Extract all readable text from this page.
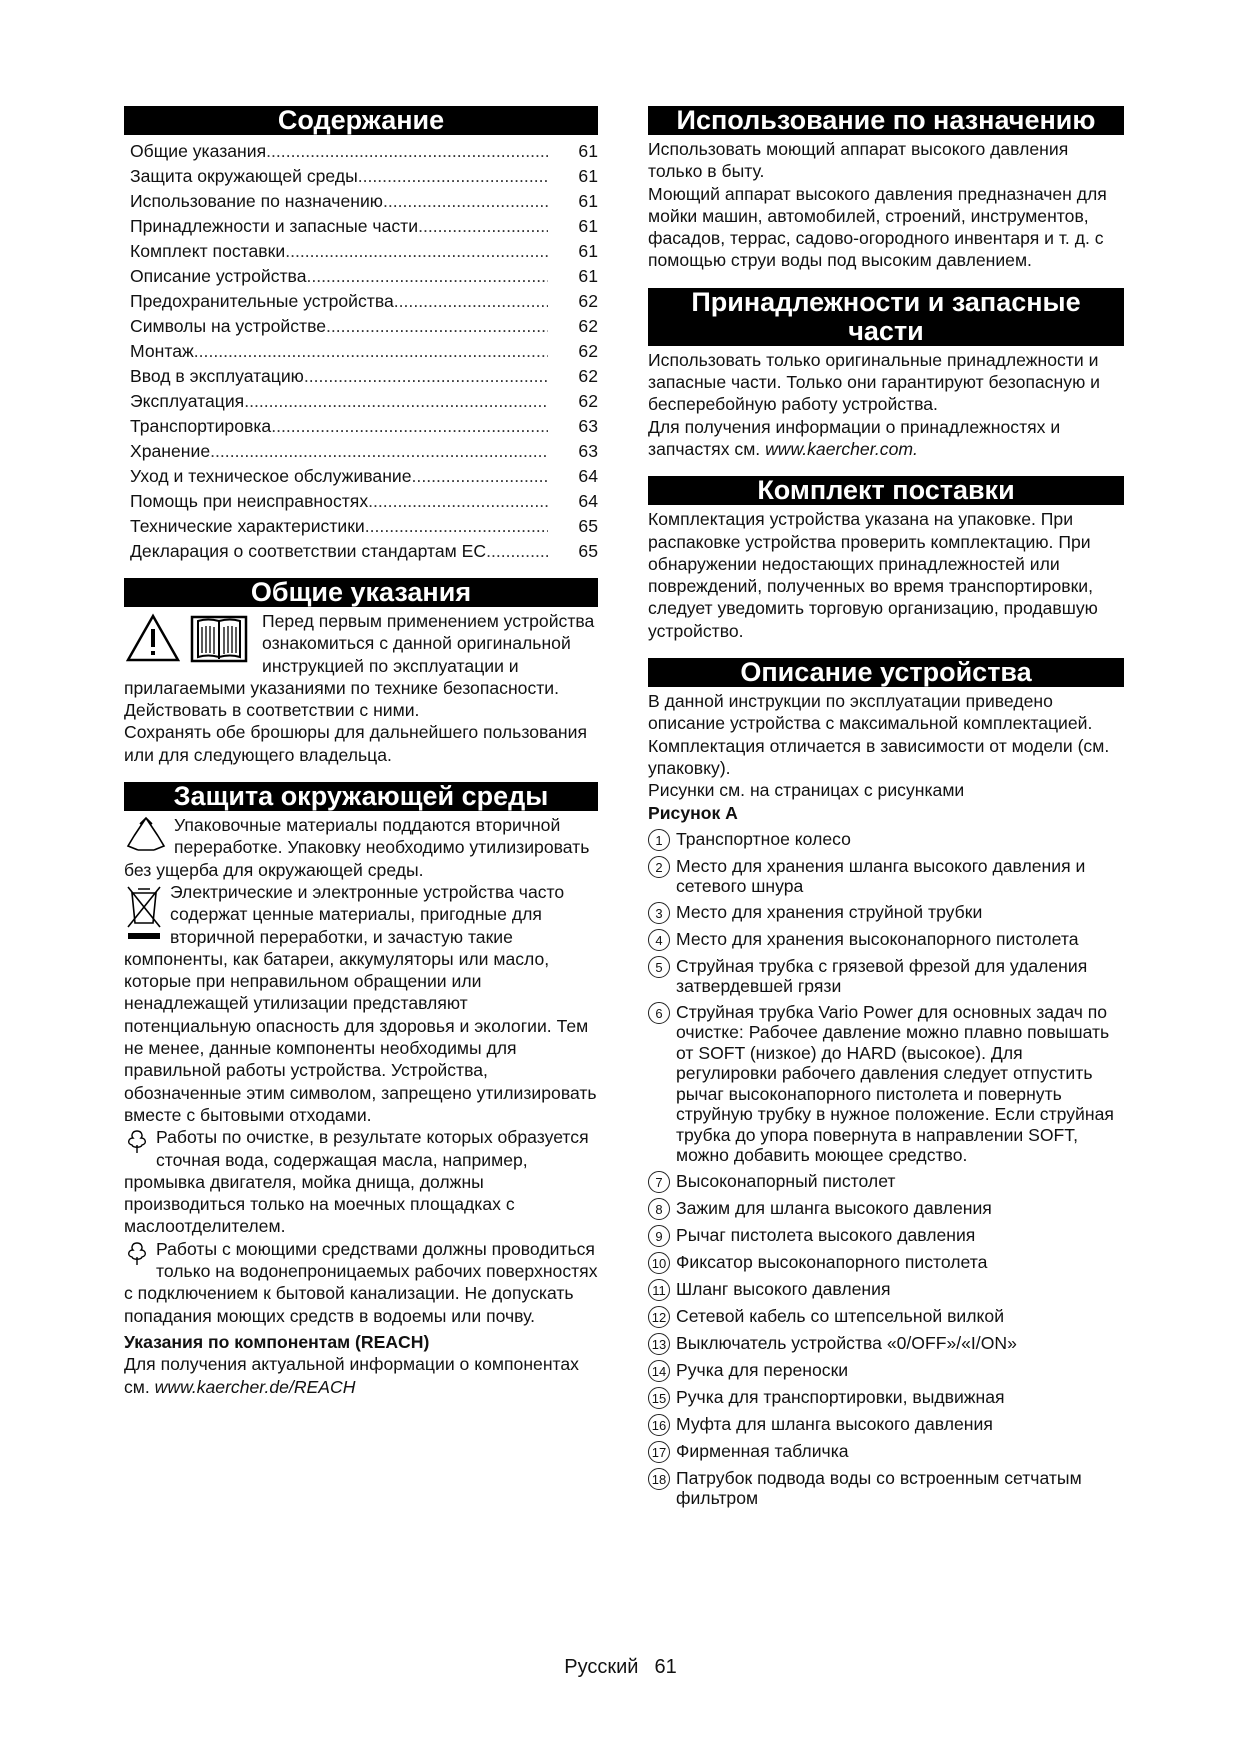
Содержание
Общие указания .....	61
Защита окружающей среды .....	61
Использование по назначению .....	61
Принадлежности и запасные части .....	61
Комплект поставки .....	61
Описание устройства .....	61
Предохранительные устройства .....	62
Символы на устройстве .....	62
Монтаж .....	62
Ввод в эксплуатацию .....	62
Эксплуатация .....	62
Транспортировка .....	63
Хранение .....	63
Уход и техническое обслуживание .....	64
Помощь при неисправностях .....	64
Технические характеристики .....	65
Декларация о соответствии стандартам ЕС .....	65
Общие указания

Перед первым применением устройства ознакомиться с данной оригинальной инструкцией по эксплуатации и прилагаемыми указаниями по технике безопасности. Действовать в соответствии с ними.

Сохранять обе брошюры для дальнейшего пользования или для следующего владельца.

Защита окружающей среды

Упаковочные материалы поддаются вторичной переработке. Упаковку необходимо утилизировать без ущерба для окружающей среды.

Электрические и электронные устройства часто содержат ценные материалы, пригодные для вторичной переработки, и зачастую такие компоненты, как батареи, аккумуляторы или масло, которые при неправильном обращении или ненадлежащей утилизации представляют потенциальную опасность для здоровья и экологии. Тем не менее, данные компоненты необходимы для правильной работы устройства. Устройства, обозначенные этим символом, запрещено утилизировать вместе с бытовыми отходами.

Работы по очистке, в результате которых образуется сточная вода, содержащая масла, например, промывка двигателя, мойка днища, должны производиться только на моечных площадках с маслоотделителем.

Работы с моющими средствами должны проводиться только на водонепроницаемых рабочих поверхностях с подключением к бытовой канализации. Не допускать попадания моющих средств в водоемы или почву.

Указания по компонентам (REACH)

Для получения актуальной информации о компонентах см. www.kaercher.de/REACH

Использование по назначению

Использовать моющий аппарат высокого давления только в быту.

Моющий аппарат высокого давления предназначен для мойки машин, автомобилей, строений, инструментов, фасадов, террас, садово-огородного инвентаря и т. д. с помощью струи воды под высоким давлением.

Принадлежности и запасные
части

Использовать только оригинальные принадлежности и запасные части. Только они гарантируют безопасную и бесперебойную работу устройства.

Для получения информации о принадлежностях и запчастях см. www.kaercher.com.

Комплект поставки

Комплектация устройства указана на упаковке. При распаковке устройства проверить комплектацию. При обнаружении недостающих принадлежностей или повреждений, полученных во время транспортировки, следует уведомить торговую организацию, продавшую устройство.

Описание устройства

В данной инструкции по эксплуатации приведено описание устройства с максимальной комплектацией. Комплектация отличается в зависимости от модели (см. упаковку).

Рисунки см. на страницах с рисунками

Рисунок A

1 Транспортное колесо
2 Место для хранения шланга высокого давления и сетевого шнура
3 Место для хранения струйной трубки
4 Место для хранения высоконапорного пистолета
5 Струйная трубка с грязевой фрезой для удаления затвердевшей грязи
6 Струйная трубка Vario Power для основных задач по очистке: Рабочее давление можно плавно повышать от SOFT (низкое) до HARD (высокое). Для регулировки рабочего давления следует отпустить рычаг высоконапорного пистолета и повернуть струйную трубку в нужное положение. Если струйная трубка до упора повернута в направлении SOFT, можно добавить моющее средство.
7 Высоконапорный пистолет
8 Зажим для шланга высокого давления
9 Рычаг пистолета высокого давления
10 Фиксатор высоконапорного пистолета
11 Шланг высокого давления
12 Сетевой кабель со штепсельной вилкой
13 Выключатель устройства «0/OFF»/«I/ON»
14 Ручка для переноски
15 Ручка для транспортировки, выдвижная
16 Муфта для шланга высокого давления
17 Фирменная табличка
18 Патрубок подвода воды со встроенным сетчатым фильтром
Русский 61
